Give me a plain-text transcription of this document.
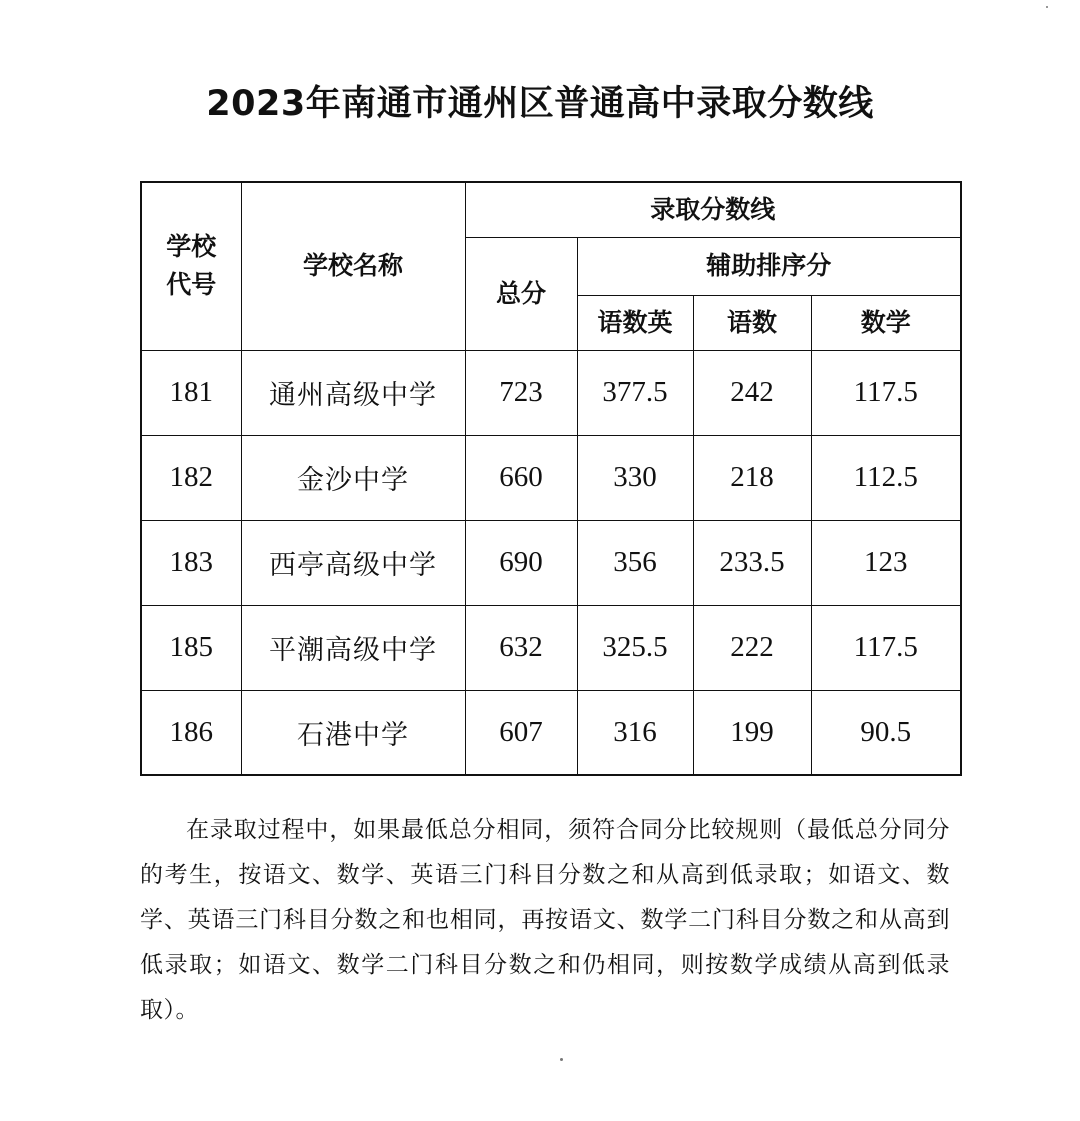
2023年南通市通州区普通高中录取分数线
学校代号	学校名称	录取分数线			
		总分	辅助排序分		
			语数英	语数	数学
181	通州高级中学	723	377.5	242	117.5
182	金沙中学	660	330	218	112.5
183	西亭高级中学	690	356	233.5	123
185	平潮高级中学	632	325.5	222	117.5
186	石港中学	607	316	199	90.5

在录取过程中，如果最低总分相同，须符合同分比较规则（最低总分同分的考生，按语文、数学、英语三门科目分数之和从高到低录取；如语文、数学、英语三门科目分数之和也相同，再按语文、数学二门科目分数之和从高到低录取；如语文、数学二门科目分数之和仍相同，则按数学成绩从高到低录取）。
